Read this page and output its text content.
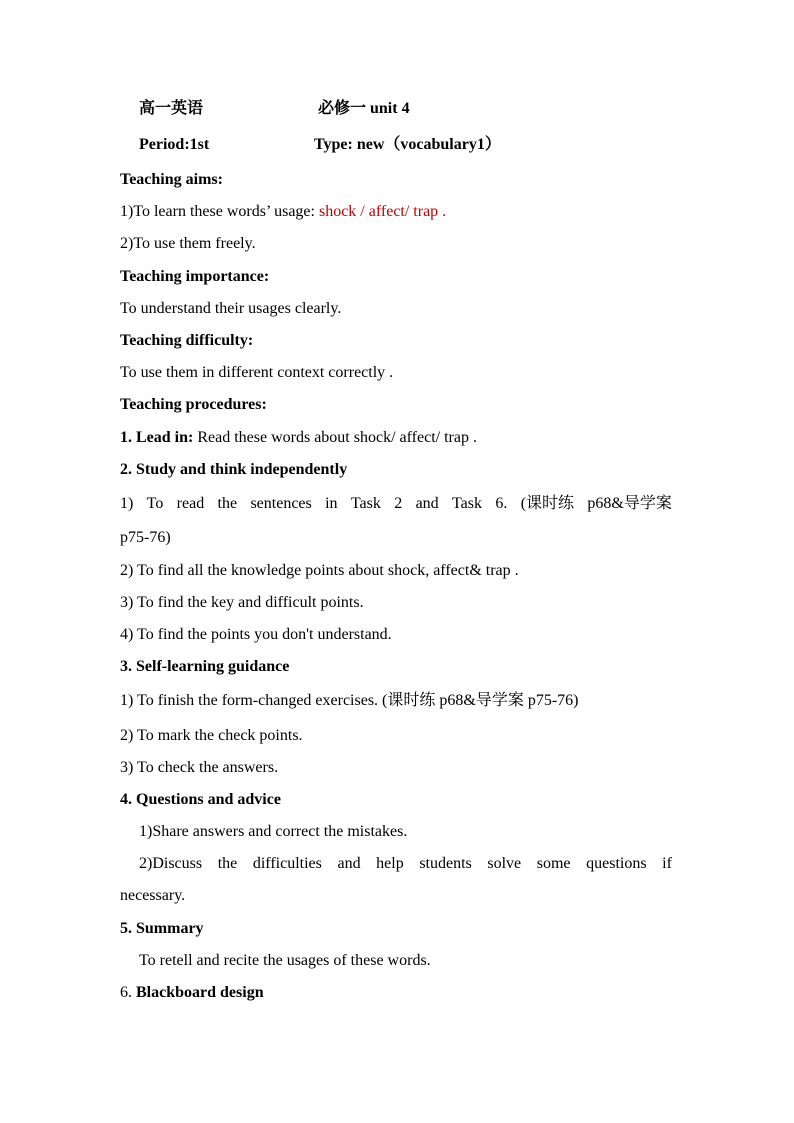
高一英语	必修一 unit 4
Period:1st	Type: new（vocabulary1）
Teaching aims:
1)To learn these words’ usage: shock / affect/ trap .
2)To use them freely.
Teaching importance:
To understand their usages clearly.
Teaching difficulty:
To use them in different context correctly .
Teaching procedures:
1. Lead in: Read these words about shock/ affect/ trap .
2. Study and think independently
1) To read the sentences in Task 2 and Task 6. (课时练 p68&导学案
p75-76)
2) To find all the knowledge points about shock, affect& trap .
3) To find the key and difficult points.
4) To find the points you don't understand.
3. Self-learning guidance
1) To finish the form-changed exercises. (课时练 p68&导学案 p75-76)
2) To mark the check points.
3) To check the answers.
4. Questions and advice
1)Share answers and correct the mistakes.
2)Discuss the difficulties and help students solve some questions if
necessary.
5. Summary
To retell and recite the usages of these words.
6. Blackboard design
